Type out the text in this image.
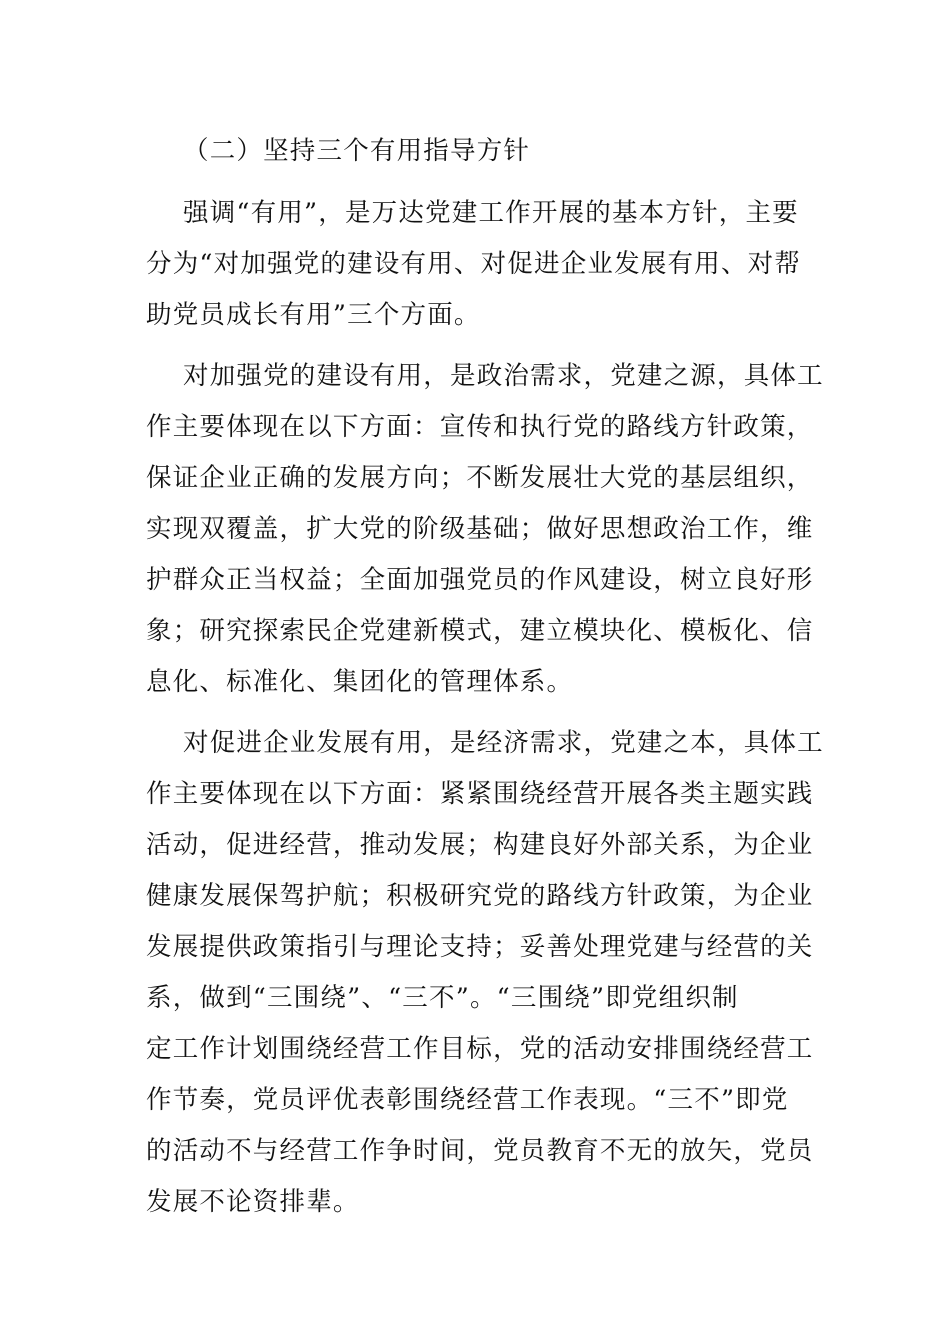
（二）坚持三个有用指导方针
强调“有用”，是万达党建工作开展的基本方针，主要
分为“对加强党的建设有用、对促进企业发展有用、对帮
助党员成长有用”三个方面。
对加强党的建设有用，是政治需求，党建之源，具体工
作主要体现在以下方面：宣传和执行党的路线方针政策，
保证企业正确的发展方向；不断发展壮大党的基层组织，
实现双覆盖，扩大党的阶级基础；做好思想政治工作，维
护群众正当权益；全面加强党员的作风建设，树立良好形
象；研究探索民企党建新模式，建立模块化、模板化、信
息化、标准化、集团化的管理体系。
对促进企业发展有用，是经济需求，党建之本，具体工
作主要体现在以下方面：紧紧围绕经营开展各类主题实践
活动，促进经营，推动发展；构建良好外部关系，为企业
健康发展保驾护航；积极研究党的路线方针政策，为企业
发展提供政策指引与理论支持；妥善处理党建与经营的关
系，做到“三围绕”、“三不”。“三围绕”即党组织制
定工作计划围绕经营工作目标，党的活动安排围绕经营工
作节奏，党员评优表彰围绕经营工作表现。“三不”即党
的活动不与经营工作争时间，党员教育不无的放矢，党员
发展不论资排辈。
